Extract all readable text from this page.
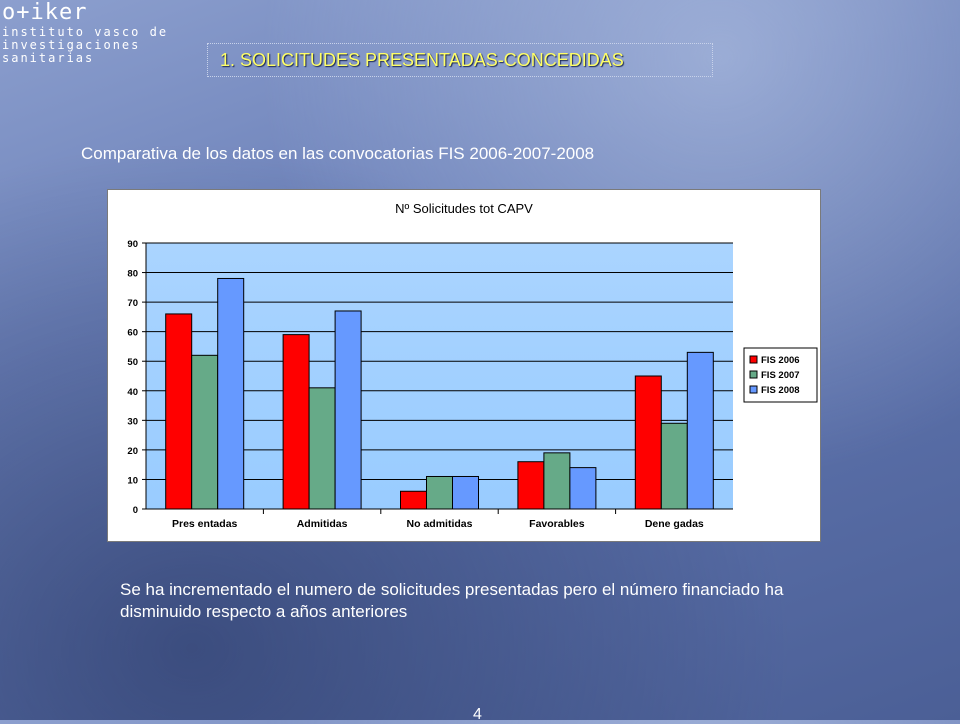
o+iker
instituto vasco de
investigaciones
sanitarias	1. SOLICITUDES PRESENTADAS-CONCEDIDAS
Comparativa de los datos en las convocatorias FIS 2006-2007-2008
Nº Solicitudes tot CAPV
0
10
20
30
40
50
60
70
80
90
Pres entadas	Admitidas	No admitidas	Favorables	Dene gadas
FIS 2006
FIS 2007
FIS 2008
Se ha incrementado el numero de solicitudes presentadas pero el número financiado ha disminuido respecto a años anteriores
4
